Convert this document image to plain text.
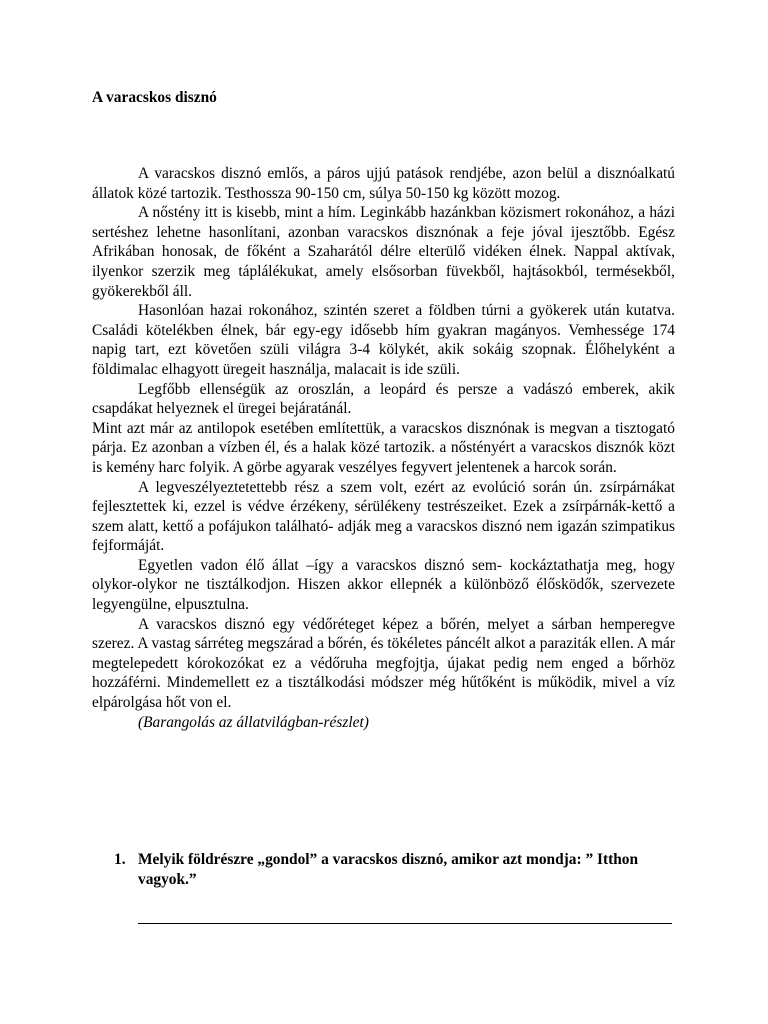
A varacskos disznó

A varacskos disznó emlős, a páros ujjú patások rendjébe, azon belül a disznóalkatú állatok közé tartozik. Testhossza 90-150 cm, súlya 50-150 kg között mozog.

A nőstény itt is kisebb, mint a hím. Leginkább hazánkban közismert rokonához, a házi sertéshez lehetne hasonlítani, azonban varacskos disznónak a feje jóval ijesztőbb. Egész Afrikában honosak, de főként a Szaharától délre elterülő vidéken élnek. Nappal aktívak, ilyenkor szerzik meg táplálékukat, amely elsősorban füvekből, hajtásokból, termésekből, gyökerekből áll.

Hasonlóan hazai rokonához, szintén szeret a földben túrni a gyökerek után kutatva. Családi kötelékben élnek, bár egy-egy idősebb hím gyakran magányos. Vemhessége 174 napig tart, ezt követően szüli világra 3-4 kölykét, akik sokáig szopnak. Élőhelyként a földimalac elhagyott üregeit használja, malacait is ide szüli.

Legfőbb ellenségük az oroszlán, a leopárd és persze a vadászó emberek, akik csapdákat helyeznek el üregei bejáratánál.

Mint azt már az antilopok esetében említettük, a varacskos disznónak is megvan a tisztogató párja. Ez azonban a vízben él, és a halak közé tartozik. a nőstényért a varacskos disznók közt is kemény harc folyik. A görbe agyarak veszélyes fegyvert jelentenek a harcok során.

A legveszélyeztetettebb rész a szem volt, ezért az evolúció során ún. zsírpárnákat fejlesztettek ki, ezzel is védve érzékeny, sérülékeny testrészeiket. Ezek a zsírpárnák-kettő a szem alatt, kettő a pofájukon található- adják meg a varacskos disznó nem igazán szimpatikus fejformáját.

Egyetlen vadon élő állat –így a varacskos disznó sem- kockáztathatja meg, hogy olykor-olykor ne tisztálkodjon. Hiszen akkor ellepnék a különböző élősködők, szervezete legyengülne, elpusztulna.

A varacskos disznó egy védőréteget képez a bőrén, melyet a sárban hemperegve szerez. A vastag sárréteg megszárad a bőrén, és tökéletes páncélt alkot a paraziták ellen. A már megtelepedett kórokozókat ez a védőruha megfojtja, újakat pedig nem enged a bőrhöz hozzáférni. Mindemellett ez a tisztálkodási módszer még hűtőként is működik, mivel a víz elpárolgása hőt von el.

(Barangolás az állatvilágban-részlet)

1. Melyik földrészre „gondol” a varacskos disznó, amikor azt mondja: ” Itthon vagyok.”
